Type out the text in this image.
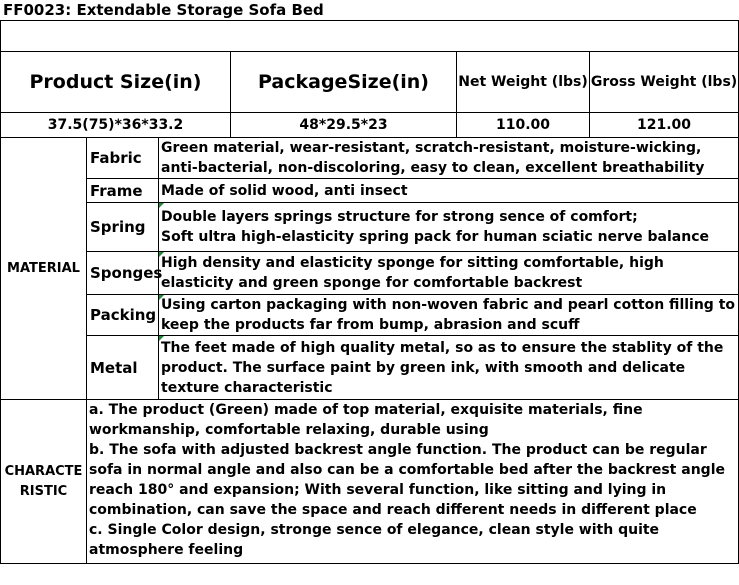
FF0023: Extendable Storage Sofa Bed

Product Size(in)			PackageSize(in)	Net Weight (lbs)	Gross Weight (lbs)
37.5(75)*36*33.2			48*29.5*23	110.00	121.00
MATERIAL	Fabric	Green material, wear-resistant, scratch-resistant, moisture-wicking, anti-bacterial, non-discoloring, easy to clean, excellent breathability			
	Frame	Made of solid wood, anti insect			
	Spring	Double layers springs structure for strong sence of comfort;
Soft ultra high-elasticity spring pack for human sciatic nerve balance			
	Sponges	High density and elasticity sponge for sitting comfortable, high elasticity and green sponge for comfortable backrest			
	Packing	Using carton packaging with non-woven fabric and pearl cotton filling to keep the products far from bump, abrasion and scuff			
	Metal	The feet made of high quality metal, so as to ensure the stablity of the product. The surface paint by green ink, with smooth and delicate texture characteristic			
CHARACTE
RISTIC	a. The product (Green) made of top material, exquisite materials, fine workmanship, comfortable relaxing, durable using
b. The sofa with adjusted backrest angle function. The product can be regular sofa in normal angle and also can be a comfortable bed after the backrest angle reach 180° and expansion; With several function, like sitting and lying in combination, can save the space and reach different needs in different place
c. Single Color design, stronge sence of elegance, clean style with quite atmosphere feeling				
